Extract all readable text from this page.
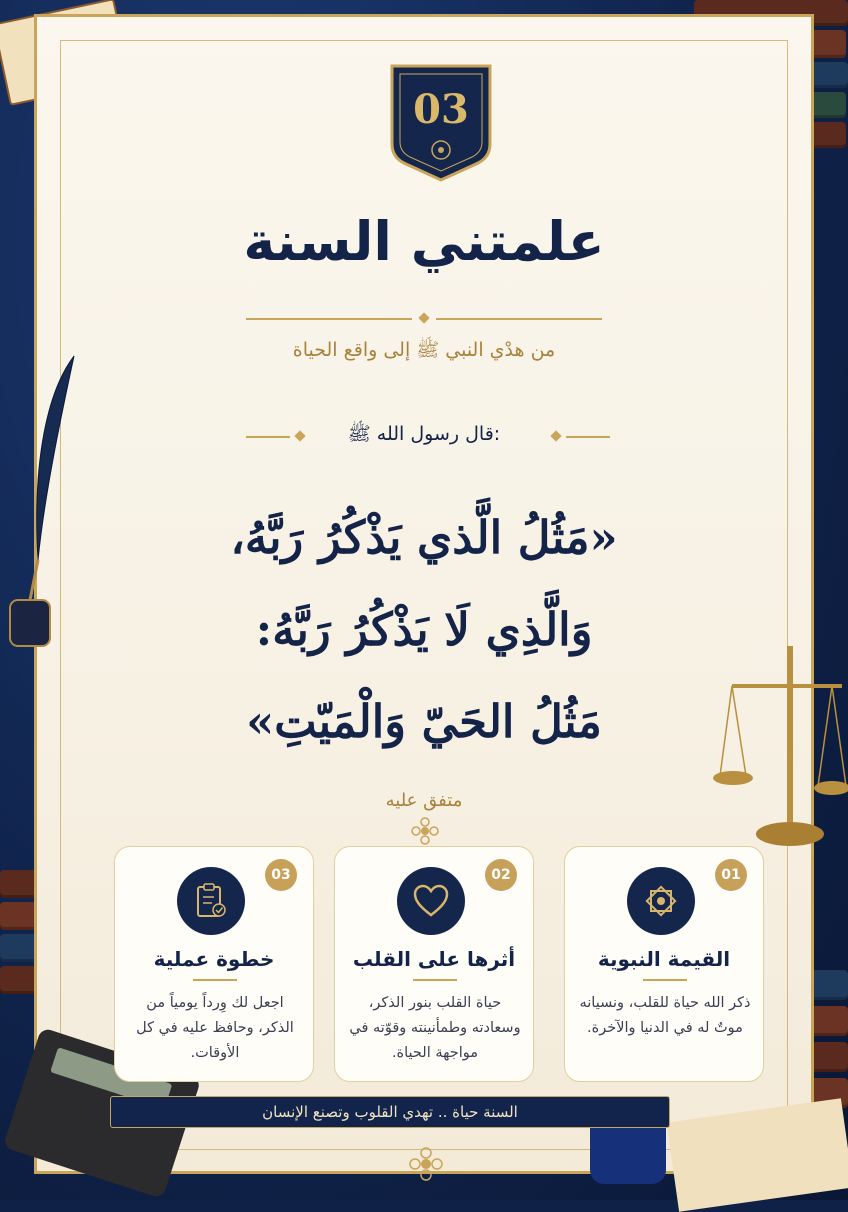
03
علمتني السنة
من هدْي النبي ﷺ إلى واقع الحياة
قال رسول الله ﷺ:
«مَثُلُ الَّذي يَذْكُرُ رَبَّهُ،
وَالَّذِي لَا يَذْكُرُ رَبَّهُ:
مَثُلُ الحَيّ وَالْمَيّتِ»
متفق عليه
01
القيمة النبوية
ذكر الله حياة للقلب، ونسيانه موتٌ له في الدنيا والآخرة.
02
أثرها على القلب
حياة القلب بنور الذكر، وسعادته وطمأنينته وقوّته في مواجهة الحياة.
03
خطوة عملية
اجعل لك وِرداً يومياً من الذكر، وحافظ عليه في كل الأوقات.
السنة حياة .. تهدي القلوب وتصنع الإنسان
